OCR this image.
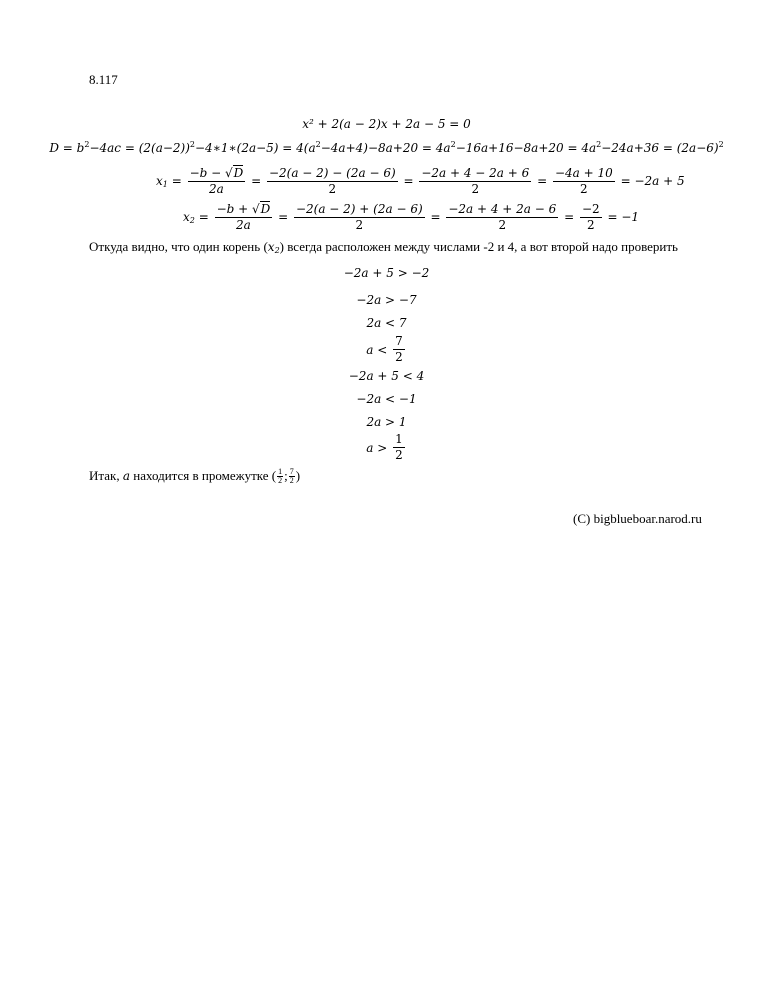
8.117
x² + 2(a − 2)x + 2a − 5 = 0
$D = b^2-4ac$ = $(2(a-2))^2-4∗1∗(2a-5) = 4(a^2-4a+4)-8a+20 = 4a^2-16a+16-8a+20 = 4a^2-24a+36 = (2a-6)^2$
$x_1 = \frac{-b - √D}{2a} = \frac{-2(a - 2) - (2a - 6)}{2} = \frac{-2a + 4 - 2a + 6}{2} = \frac{-4a + 10}{2}$
= −2a + 5
$x_2 = \frac{-b + √D}{2a} = \frac{-2(a - 2) + (2a - 6)}{2} = \frac{-2a + 4 + 2a - 6}{2} = \frac{-2}{2}$
= −1
Откуда видно, что один корень $(x_2)$ всегда расположен между числами -2 и 4, а вот второй надо проверить
−2a + 5 > −2
−2a > −7
2a < 7
a <
$\frac{7}{2}$
−2a + 5 < 4
−2a < −1
2a > 1
a >
$\frac{1}{2}$
Итак,
a
находится в промежутке ( $\frac{1}{2}$ ; $\frac{7}{2}$ )
(C) bigblueboar.narod.ru
